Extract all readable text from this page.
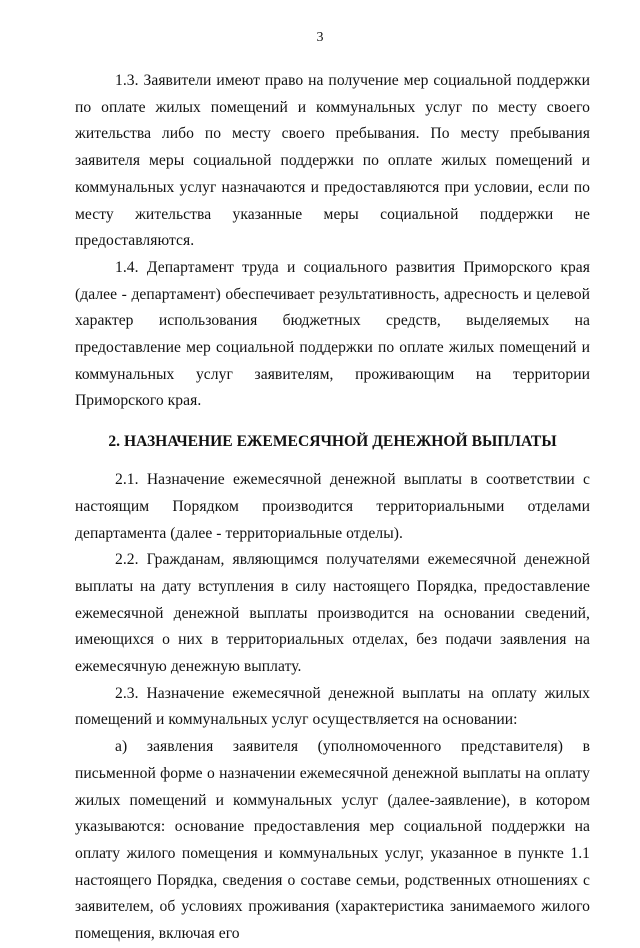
3

1.3. Заявители имеют право на получение мер социальной поддержки по оплате жилых помещений и коммунальных услуг по месту своего жительства либо по месту своего пребывания. По месту пребывания заявителя меры социальной поддержки по оплате жилых помещений и коммунальных услуг назначаются и предоставляются при условии, если по месту жительства указанные меры социальной поддержки не предоставляются.

1.4. Департамент труда и социального развития Приморского края (далее - департамент) обеспечивает результативность, адресность и целевой характер использования бюджетных средств, выделяемых на предоставление мер социальной поддержки по оплате жилых помещений и коммунальных услуг заявителям, проживающим на территории Приморского края.

2. НАЗНАЧЕНИЕ ЕЖЕМЕСЯЧНОЙ ДЕНЕЖНОЙ ВЫПЛАТЫ

2.1. Назначение ежемесячной денежной выплаты в соответствии с настоящим Порядком производится территориальными отделами департамента (далее - территориальные отделы).

2.2. Гражданам, являющимся получателями ежемесячной денежной выплаты на дату вступления в силу настоящего Порядка, предоставление ежемесячной денежной выплаты производится на основании сведений, имеющихся о них в территориальных отделах, без подачи заявления на ежемесячную денежную выплату.

2.3. Назначение ежемесячной денежной выплаты на оплату жилых помещений и коммунальных услуг осуществляется на основании:

а) заявления заявителя (уполномоченного представителя) в письменной форме о назначении ежемесячной денежной выплаты на оплату жилых помещений и коммунальных услуг (далее-заявление), в котором указываются: основание предоставления мер социальной поддержки на оплату жилого помещения и коммунальных услуг, указанное в пункте 1.1 настоящего Порядка, сведения о составе семьи, родственных отношениях с заявителем, об условиях проживания (характеристика занимаемого жилого помещения, включая его
